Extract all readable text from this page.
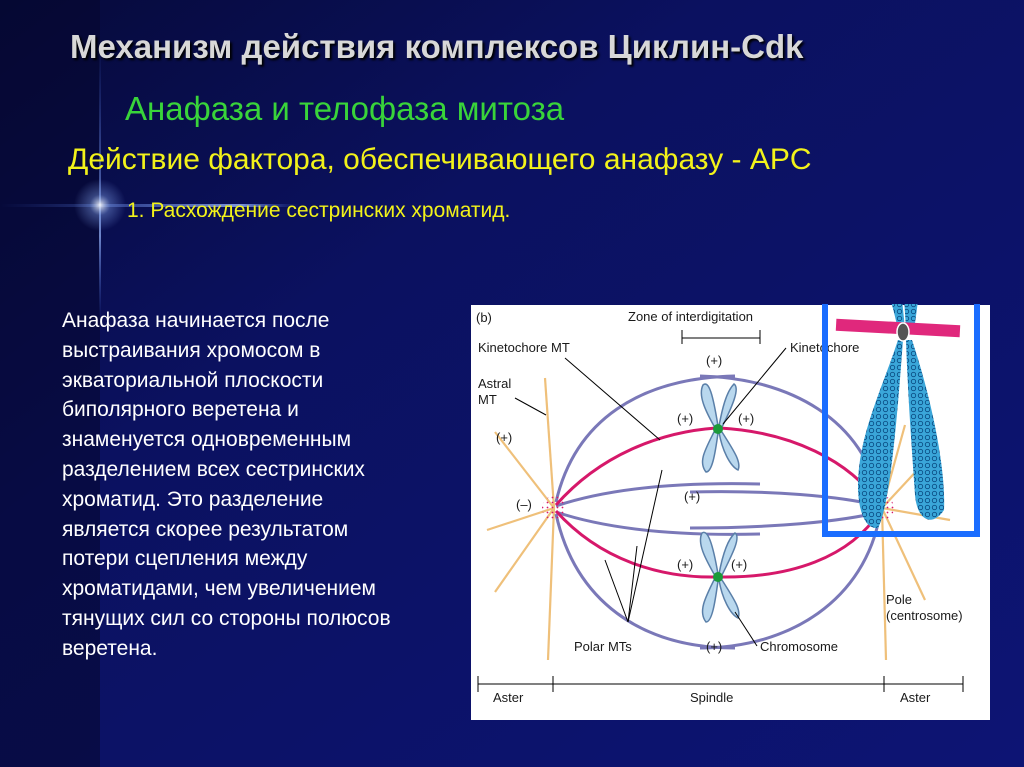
Механизм действия комплексов Циклин-Cdk
Анафаза и телофаза митоза
Действие фактора, обеспечивающего анафазу - APC
1. Расхождение сестринских хроматид.
Анафаза начинается после
выстраивания хромосом в
экваториальной плоскости
биполярного веретена и
знаменуется одновременным
разделением всех сестринских
хроматид. Это разделение
является скорее результатом
потери сцепления между
хроматидами, чем увеличением
тянущих сил со стороны полюсов
веретена.
(b)	Zone of interdigitation
Kinetochore MT	Kinetochore
Astral
MT
Pole
(centrosome)
Polar MTs	Chromosome
Aster	Spindle	Aster
(+)
(+)	(+)
(+)
(+)	(+)
(+)
(+)
(–)
